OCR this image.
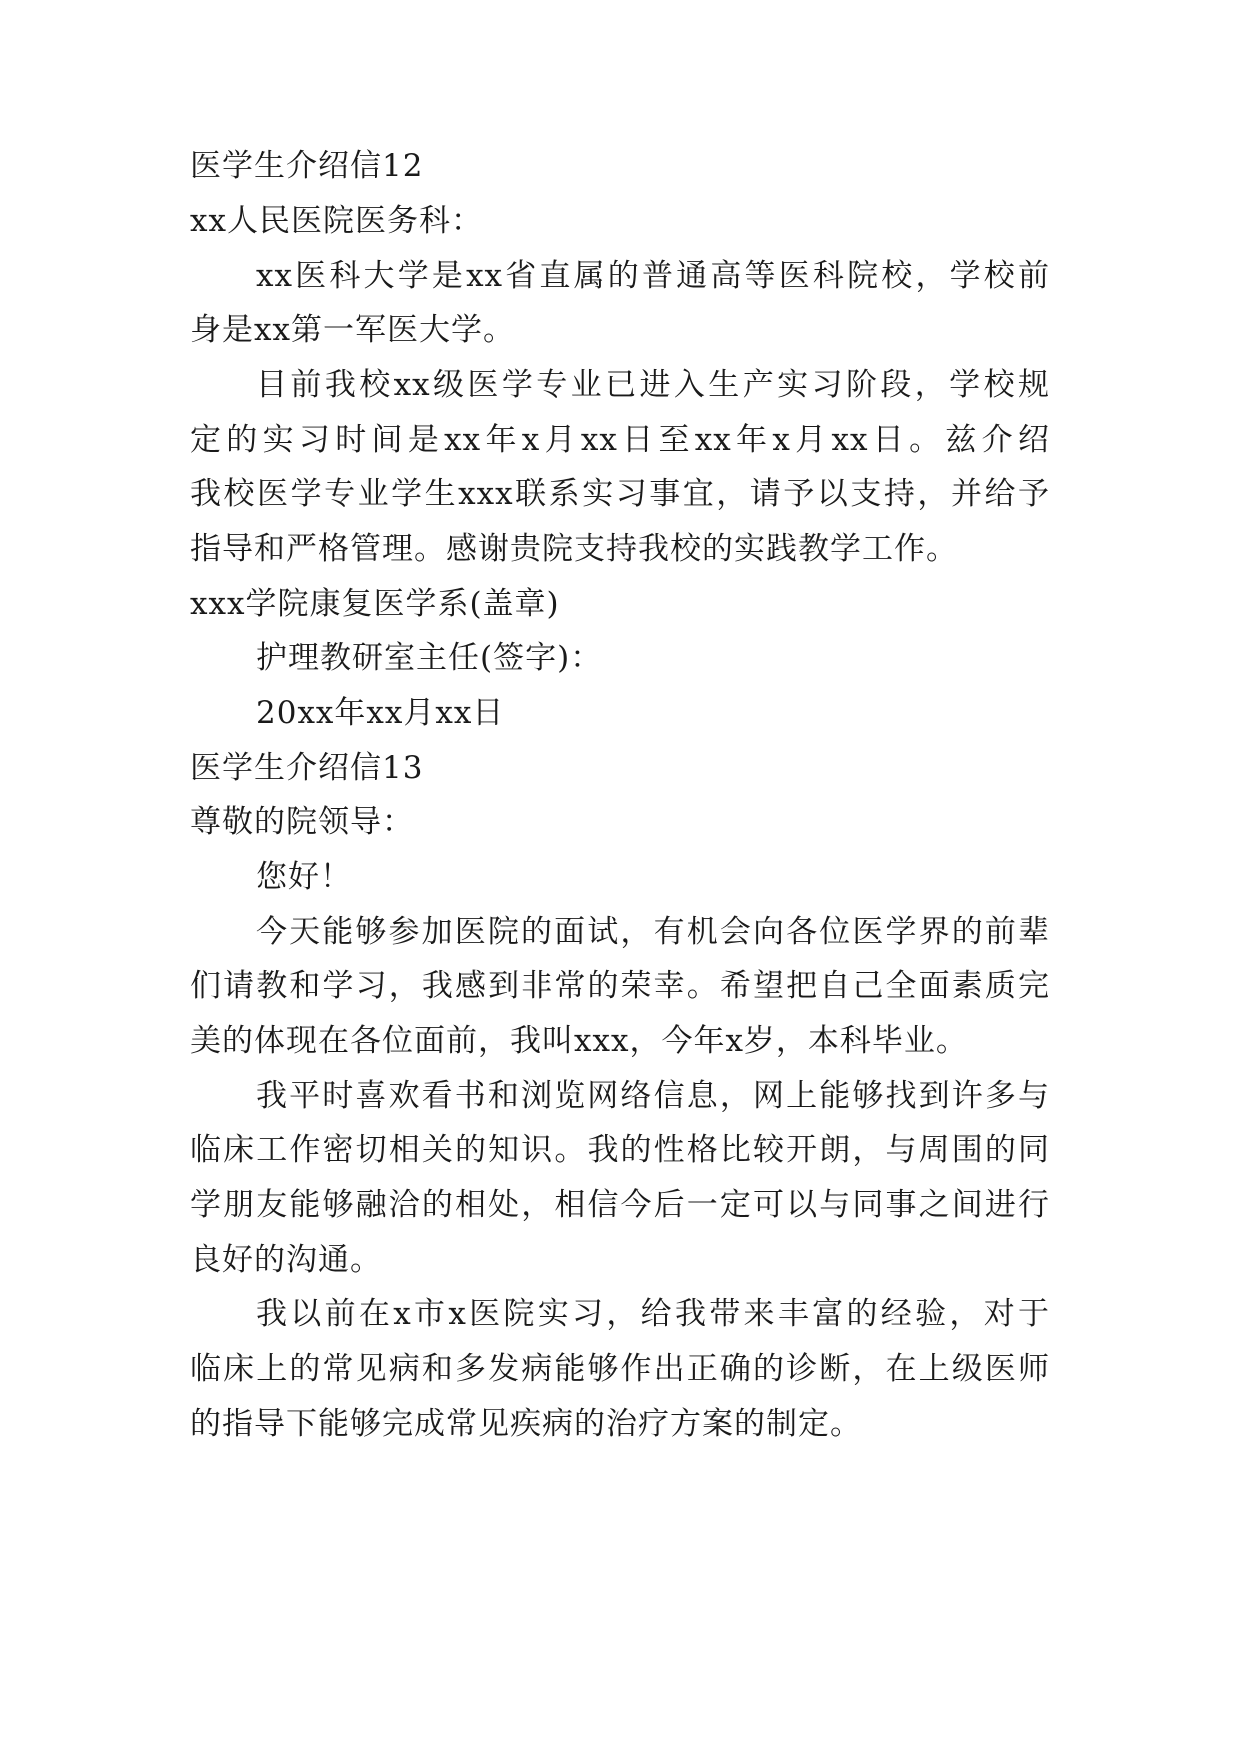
医学生介绍信12
xx人民医院医务科：
xx医科大学是xx省直属的普通高等医科院校，学校前
身是xx第一军医大学。
目前我校xx级医学专业已进入生产实习阶段，学校规
定的实习时间是xx年x月xx日至xx年x月xx日。兹介绍
我校医学专业学生xxx联系实习事宜，请予以支持，并给予
指导和严格管理。感谢贵院支持我校的实践教学工作。
xxx学院康复医学系(盖章)
护理教研室主任(签字)：
20xx年xx月xx日
医学生介绍信13
尊敬的院领导：
您好！
今天能够参加医院的面试，有机会向各位医学界的前辈
们请教和学习，我感到非常的荣幸。希望把自己全面素质完
美的体现在各位面前，我叫xxx，今年x岁，本科毕业。
我平时喜欢看书和浏览网络信息，网上能够找到许多与
临床工作密切相关的知识。我的性格比较开朗，与周围的同
学朋友能够融洽的相处，相信今后一定可以与同事之间进行
良好的沟通。
我以前在x市x医院实习，给我带来丰富的经验，对于
临床上的常见病和多发病能够作出正确的诊断，在上级医师
的指导下能够完成常见疾病的治疗方案的制定。
